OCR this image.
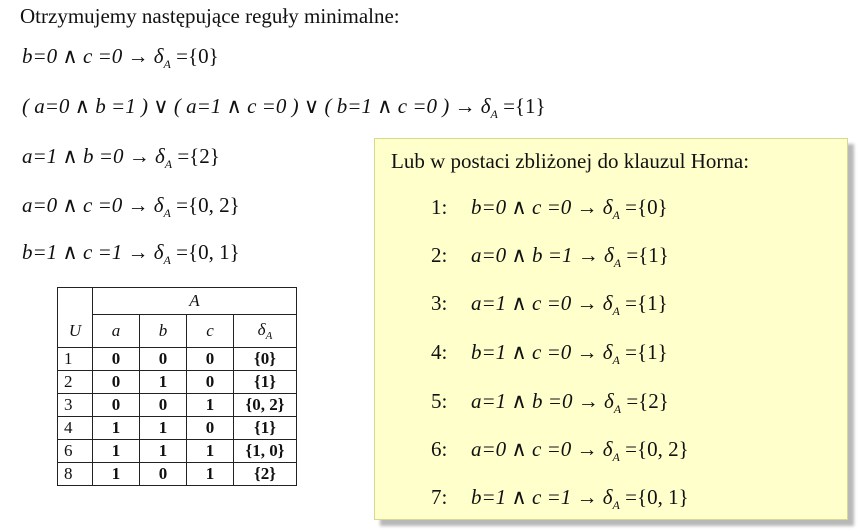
Otrzymujemy następujące reguły minimalne:
b=0 ∧ $c =0 \to \delta_A =\{0\}$
( a=0 ∧ b =1 ) ∨ ( a=1 ∧ c =0 ) ∨ ( b=1 ∧ c =0 ) → $\delta_A =\{1\}$
a=1 ∧ $b =0 \to \delta_A =\{2\}$
a=0 ∧ $c =0 \to \delta_A =\{0$, 2}
b=1 ∧ $c =1 \to \delta_A =\{0$, 1}
	A			
U	a	b	c	$\delta_A$
1	0	0	0	{0}
2	0	1	0	{1}
3	0	0	1	{0, 2}
4	1	1	0	{1}
6	1	1	1	{1, 0}
8	1	0	1	{2}
Lub w postaci zbliżonej do klauzul Horna:
1: b=0 ∧ $c =0 \to \delta_A =\{0\}$
2: a=0 ∧ $b =1 \to \delta_A =\{1\}$
3: a=1 ∧ $c =0 \to \delta_A =\{1\}$
4: b=1 ∧ $c =0 \to \delta_A =\{1\}$
5: a=1 ∧ $b =0 \to \delta_A =\{2\}$
6: a=0 ∧ $c =0 \to \delta_A =\{0$, 2}
7: b=1 ∧ $c =1 \to \delta_A =\{0$, 1}
